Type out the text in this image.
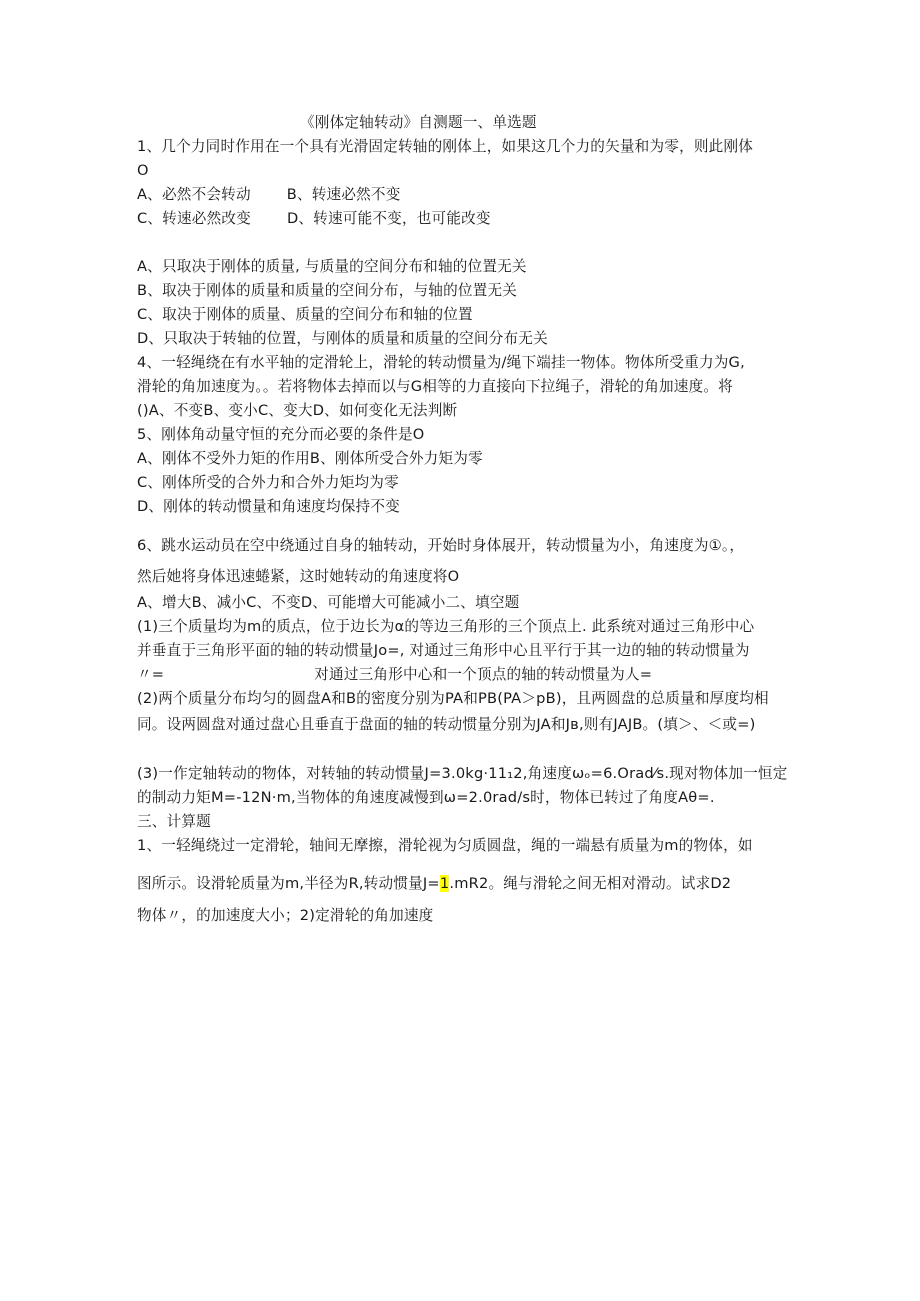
《刚体定轴转动》自测题一、单选题
1、几个力同时作用在一个具有光滑固定转轴的刚体上，如果这几个力的矢量和为零，则此刚体
O
A、必然不会转动 B、转速必然不变
C、转速必然改变 D、转速可能不变，也可能改变
A、只取决于刚体的质量, 与质量的空间分布和轴的位置无关
B、取决于刚体的质量和质量的空间分布，与轴的位置无关
C、取决于刚体的质量、质量的空间分布和轴的位置
D、只取决于转轴的位置，与刚体的质量和质量的空间分布无关
4、一轻绳绕在有水平轴的定滑轮上，滑轮的转动惯量为/绳下端挂一物体。物体所受重力为G,
滑轮的角加速度为。。若将物体去掉而以与G相等的力直接向下拉绳子，滑轮的角加速度。将
()A、不变B、变小C、变大D、如何变化无法判断
5、刚体角动量守恒的充分而必要的条件是O
A、刚体不受外力矩的作用B、刚体所受合外力矩为零
C、刚体所受的合外力和合外力矩均为零
D、刚体的转动惯量和角速度均保持不变
6、跳水运动员在空中绕通过自身的轴转动，开始时身体展开，转动惯量为小，角速度为①。，
然后她将身体迅速蜷紧，这时她转动的角速度将O
A、增大B、减小C、不变D、可能增大可能减小二、填空题
(1)三个质量均为m的质点，位于边长为α的等边三角形的三个顶点上. 此系统对通过三角形中心
并垂直于三角形平面的轴的转动惯量Jo=, 对通过三角形中心且平行于其一边的轴的转动惯量为
〃=	对通过三角形中心和一个顶点的轴的转动惯量为人=
(2)两个质量分布均匀的圆盘A和B的密度分别为PA和PB(PA＞pB)，且两圆盘的总质量和厚度均相
同。设两圆盘对通过盘心且垂直于盘面的轴的转动惯量分别为JA和Jв,则有JAJB。(填＞、＜或=)
(3)一作定轴转动的物体，对转轴的转动惯量J=3.0kg·11₁2,角速度ωₒ=6.Orad⁄s.现对物体加一恒定
的制动力矩M=-12N·m,当物体的角速度减慢到ω=2.0rad/s时，物体已转过了角度Aθ=.
三、计算题
1、一轻绳绕过一定滑轮，轴间无摩擦，滑轮视为匀质圆盘，绳的一端悬有质量为m的物体，如
图所示。设滑轮质量为m,半径为R,转动惯量J=1.mR2。绳与滑轮之间无相对滑动。试求D2
物体〃，的加速度大小；2)定滑轮的角加速度
